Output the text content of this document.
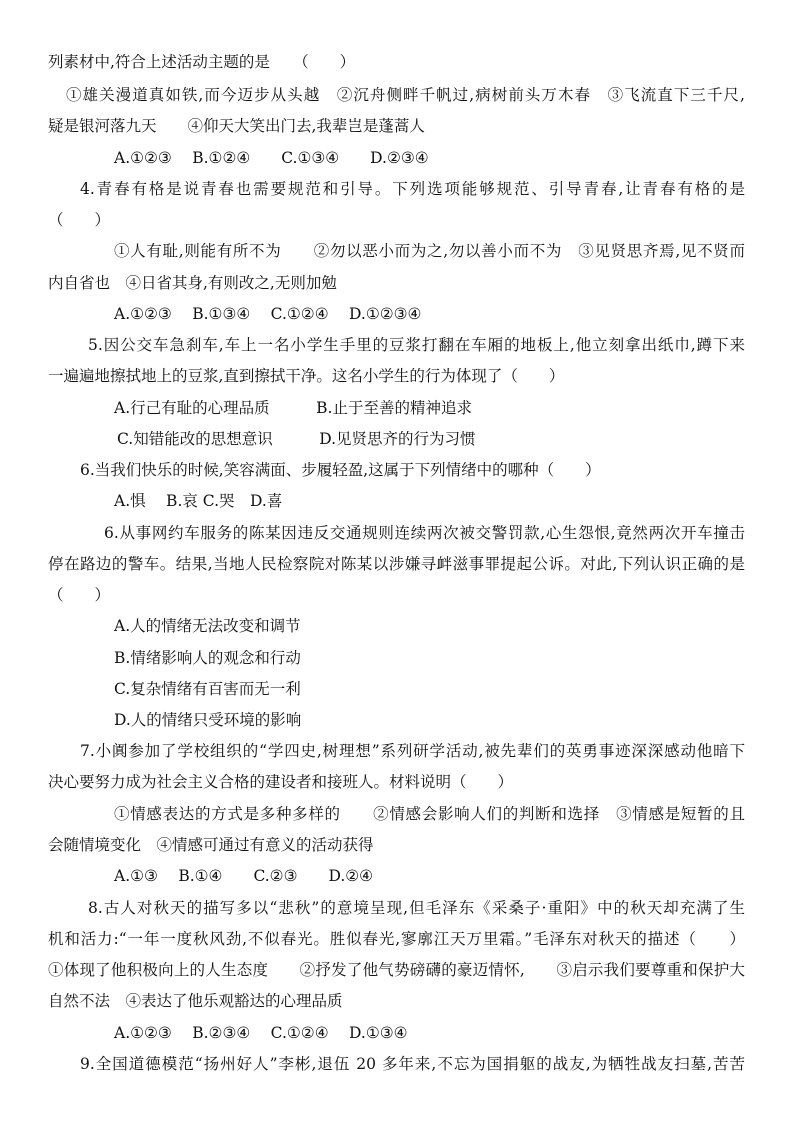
列素材中,符合上述活动主题的是　　（　　）
①雄关漫道真如铁,而今迈步从头越　②沉舟侧畔千帆过,病树前头万木春　③飞流直下三千尺,
疑是银河落九天　　④仰天大笑出门去,我辈岂是蓬蒿人
A.①②③　 B.①②④　　C.①③④　　D.②③④
4.青春有格是说青春也需要规范和引导。下列选项能够规范、引导青春,让青春有格的是
（　　）
①人有耻,则能有所不为　　②勿以恶小而为之,勿以善小而不为　③见贤思齐焉,见不贤而
内自省也　④日省其身,有则改之,无则加勉
A.①②③　 B.①③④　 C.①②④　 D.①②③④
5.因公交车急刹车,车上一名小学生手里的豆浆打翻在车厢的地板上,他立刻拿出纸巾,蹲下来
一遍遍地擦拭地上的豆浆,直到擦拭干净。这名小学生的行为体现了（　　）
A.行己有耻的心理品质　　　B.止于至善的精神追求
C.知错能改的思想意识　　　D.见贤思齐的行为习惯
6.当我们快乐的时候,笑容满面、步履轻盈,这属于下列情绪中的哪种（　　）
A.惧　 B.哀 C.哭　D.喜
6.从事网约车服务的陈某因违反交通规则连续两次被交警罚款,心生怨恨,竟然两次开车撞击
停在路边的警车。结果,当地人民检察院对陈某以涉嫌寻衅滋事罪提起公诉。对此,下列认识正确的是
（　　）
A.人的情绪无法改变和调节
B.情绪影响人的观念和行动
C.复杂情绪有百害而无一利
D.人的情绪只受环境的影响
7.小阗参加了学校组织的“学四史,树理想”系列研学活动,被先辈们的英勇事迹深深感动他暗下
决心要努力成为社会主义合格的建设者和接班人。材料说明（　　）
①情感表达的方式是多种多样的　　②情感会影响人们的判断和选择　③情感是短暂的且
会随情境变化　④情感可通过有意义的活动获得
A.①③　 B.①④　　C.②③　　D.②④
8.古人对秋天的描写多以“悲秋”的意境呈现,但毛泽东《采桑子·重阳》中的秋天却充满了生
机和活力:“一年一度秋风劲,不似春光。胜似春光,寥廓江天万里霜。”毛泽东对秋天的描述（　　）
①体现了他积极向上的人生态度　　②抒发了他气势磅礴的豪迈情怀,　　③启示我们要尊重和保护大
自然不法　④表达了他乐观豁达的心理品质
A.①②③　 B.②③④　 C.①②④　 D.①③④
9.全国道德模范“扬州好人”李彬,退伍 20 多年来,不忘为国捐躯的战友,为牺牲战友扫墓,苦苦
